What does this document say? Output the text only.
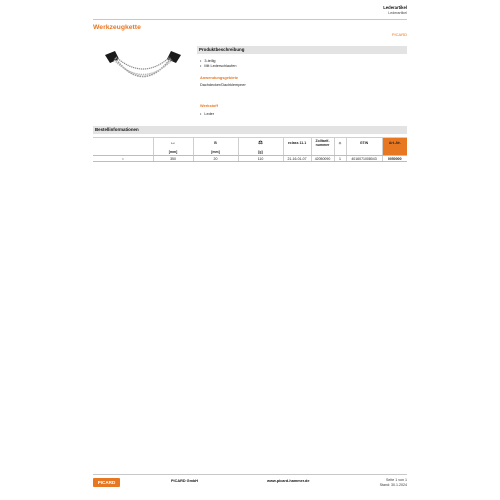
Lederartikel
Lederartikel
Werkzeugkette
PICARD
Produktbeschreibung
• 3-teilig
• Mit Lederschlaufen
Anwendungsgebiete
Dachdecker/Dachklempner
Werkstoff
• Leder
Bestellinformationen
	↔	B	⚖	eclass 11.1	Zolltarif-nummer	⬦	GTIN	Art.-Nr.
	[mm]	[mm]	[g]					
○	350	20	110	21-16-01-07	42050090	1	4016071008043	0050000
PICARD	PICARD GmbH	www.picard-hammer.de	Seite 1 von 1
Stand: 30.1.2024
